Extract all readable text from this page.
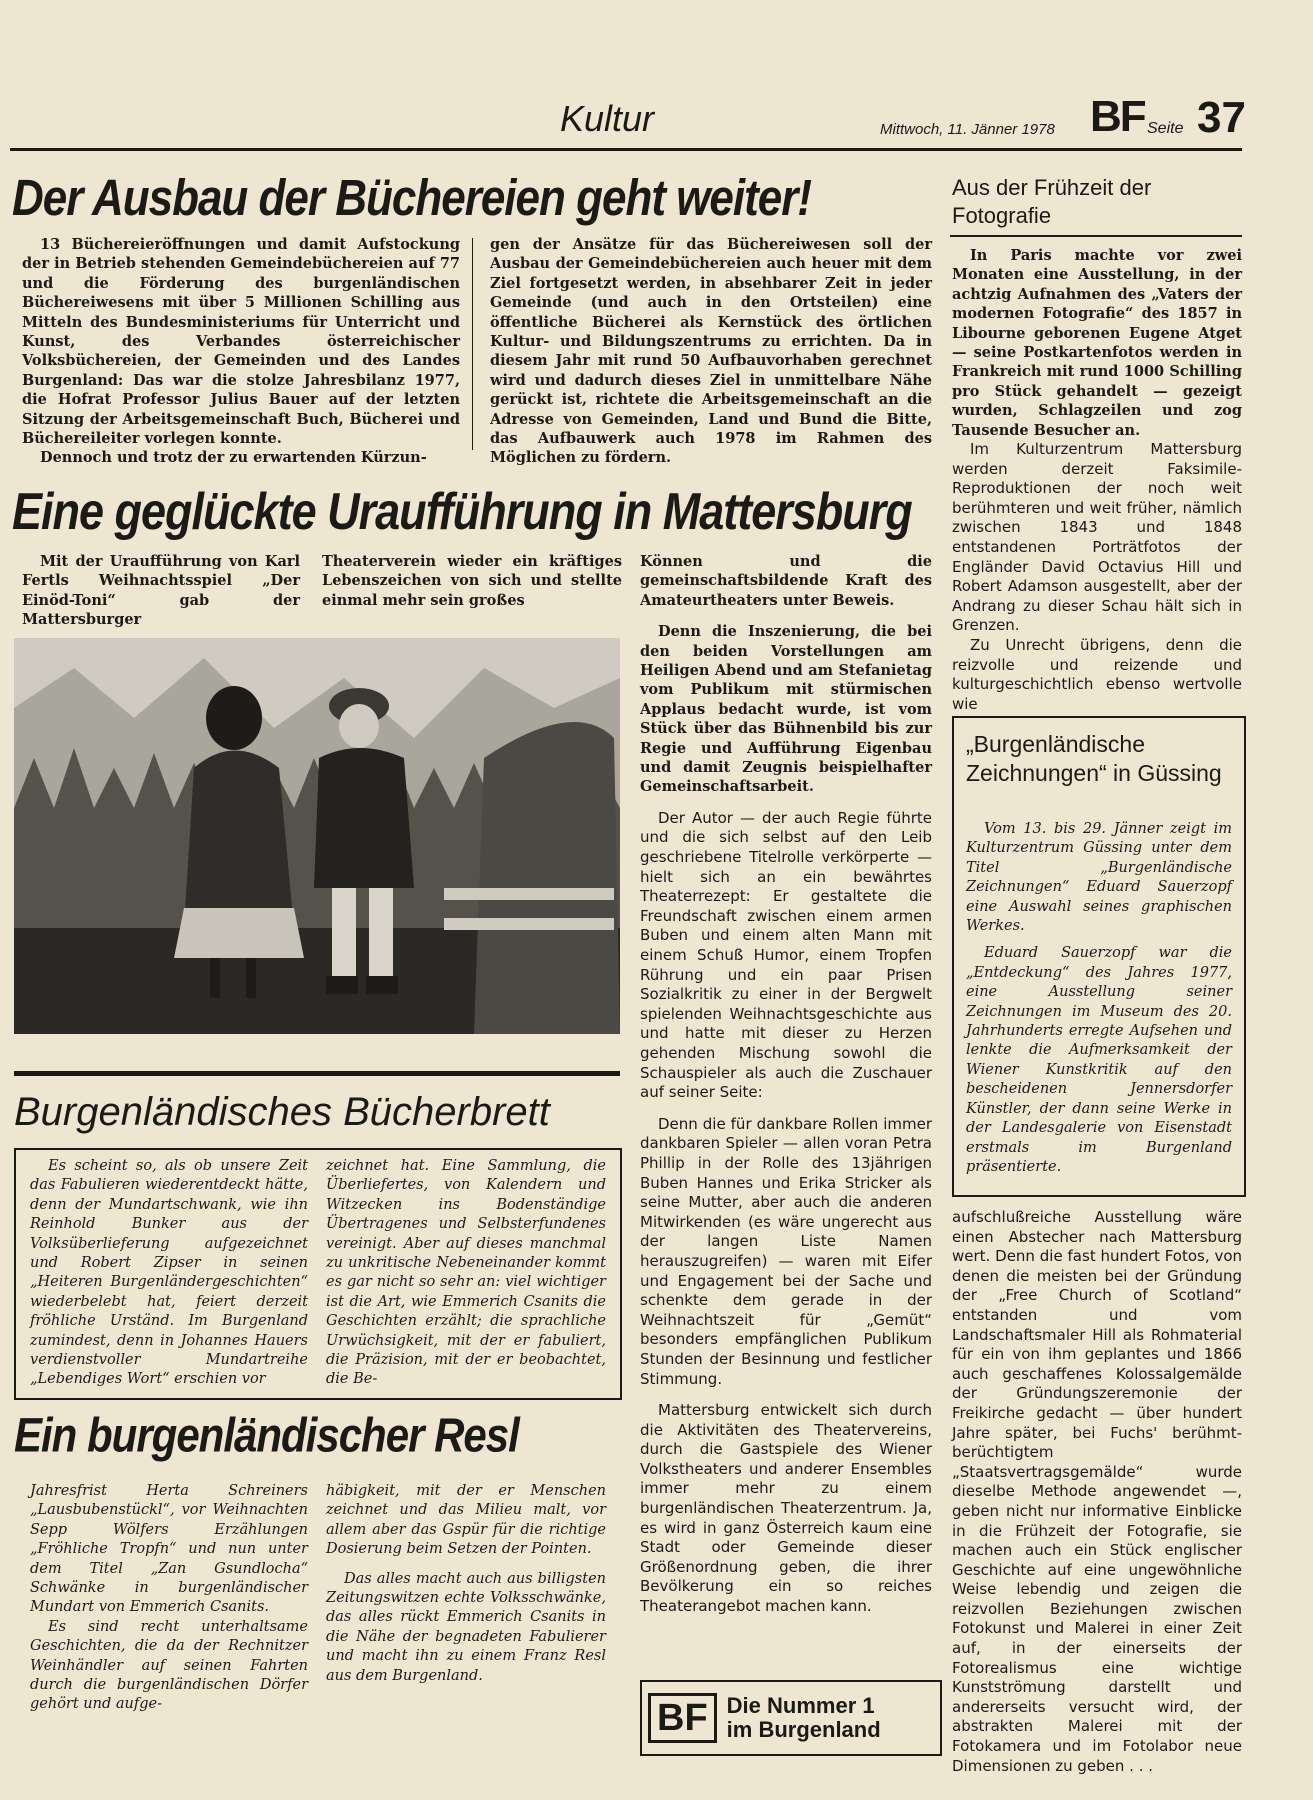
Kultur	Mittwoch, 11. Jänner 1978 BF Seite 37
Der Ausbau der Büchereien geht weiter!

13 Büchereieröffnungen und damit Aufstockung der in Betrieb stehenden Gemeindebüchereien auf 77 und die Förderung des burgenländischen Büchereiwesens mit über 5 Millionen Schilling aus Mitteln des Bundesministeriums für Unterricht und Kunst, des Verbandes österreichischer Volksbüchereien, der Gemeinden und des Landes Burgenland: Das war die stolze Jahresbilanz 1977, die Hofrat Professor Julius Bauer auf der letzten Sitzung der Arbeitsgemeinschaft Buch, Bücherei und Büchereileiter vorlegen konnte.

Dennoch und trotz der zu erwartenden Kürzun-

gen der Ansätze für das Büchereiwesen soll der Ausbau der Gemeindebüchereien auch heuer mit dem Ziel fortgesetzt werden, in absehbarer Zeit in jeder Gemeinde (und auch in den Ortsteilen) eine öffentliche Bücherei als Kernstück des örtlichen Kultur- und Bildungszentrums zu errichten. Da in diesem Jahr mit rund 50 Aufbauvorhaben gerechnet wird und dadurch dieses Ziel in unmittelbare Nähe gerückt ist, richtete die Arbeitsgemeinschaft an die Adresse von Gemeinden, Land und Bund die Bitte, das Aufbauwerk auch 1978 im Rahmen des Möglichen zu fördern.

Eine geglückte Uraufführung in Mattersburg

Mit der Uraufführung von Karl Fertls Weihnachtsspiel „Der Einöd-Toni“ gab der Mattersburger

Theaterverein wieder ein kräftiges Lebenszeichen von sich und stellte einmal mehr sein großes

Können und die gemeinschaftsbildende Kraft des Amateurtheaters unter Beweis.

Denn die Inszenierung, die bei den beiden Vorstellungen am Heiligen Abend und am Stefanietag vom Publikum mit stürmischen Applaus bedacht wurde, ist vom Stück über das Bühnenbild bis zur Regie und Aufführung Eigenbau und damit Zeugnis beispielhafter Gemeinschaftsarbeit.

Der Autor — der auch Regie führte und die sich selbst auf den Leib geschriebene Titelrolle verkörperte — hielt sich an ein bewährtes Theaterrezept: Er gestaltete die Freundschaft zwischen einem armen Buben und einem alten Mann mit einem Schuß Humor, einem Tropfen Rührung und ein paar Prisen Sozialkritik zu einer in der Bergwelt spielenden Weihnachtsgeschichte aus und hatte mit dieser zu Herzen gehenden Mischung sowohl die Schauspieler als auch die Zuschauer auf seiner Seite:

Denn die für dankbare Rollen immer dankbaren Spieler — allen voran Petra Phillip in der Rolle des 13jährigen Buben Hannes und Erika Stricker als seine Mutter, aber auch die anderen Mitwirkenden (es wäre ungerecht aus der langen Liste Namen herauszugreifen) — waren mit Eifer und Engagement bei der Sache und schenkte dem gerade in der Weihnachtszeit für „Gemüt“ besonders empfänglichen Publikum Stunden der Besinnung und festlicher Stimmung.

Mattersburg entwickelt sich durch die Aktivitäten des Theatervereins, durch die Gastspiele des Wiener Volkstheaters und anderer Ensembles immer mehr zu einem burgenländischen Theaterzentrum. Ja, es wird in ganz Österreich kaum eine Stadt oder Gemeinde dieser Größenordnung geben, die ihrer Bevölkerung ein so reiches Theaterangebot machen kann.

Burgenländisches Bücherbrett

Es scheint so, als ob unsere Zeit das Fabulieren wiederentdeckt hätte, denn der Mundartschwank, wie ihn Reinhold Bunker aus der Volksüberlieferung aufgezeichnet und Robert Zipser in seinen „Heiteren Burgenländergeschichten“ wiederbelebt hat, feiert derzeit fröhliche Urständ. Im Burgenland zumindest, denn in Johannes Hauers verdienstvoller Mundartreihe „Lebendiges Wort“ erschien vor

zeichnet hat. Eine Sammlung, die Überliefertes, von Kalendern und Witzecken ins Bodenständige Übertragenes und Selbsterfundenes vereinigt. Aber auf dieses manchmal zu unkritische Nebeneinander kommt es gar nicht so sehr an: viel wichtiger ist die Art, wie Emmerich Csanits die Geschichten erzählt; die sprachliche Urwüchsigkeit, mit der er fabuliert, die Präzision, mit der er beobachtet, die Be-

Ein burgenländischer Resl

Jahresfrist Herta Schreiners „Lausbubenstückl“, vor Weihnachten Sepp Wölfers Erzählungen „Fröhliche Tropfn“ und nun unter dem Titel „Zan Gsundlocha“ Schwänke in burgenländischer Mundart von Emmerich Csanits.

Es sind recht unterhaltsame Geschichten, die da der Rechnitzer Weinhändler auf seinen Fahrten durch die burgenländischen Dörfer gehört und aufge-

häbigkeit, mit der er Menschen zeichnet und das Milieu malt, vor allem aber das Gspür für die richtige Dosierung beim Setzen der Pointen.

Das alles macht auch aus billigsten Zeitungswitzen echte Volksschwänke, das alles rückt Emmerich Csanits in die Nähe der begnadeten Fabulierer und macht ihn zu einem Franz Resl aus dem Burgenland.

Aus der Frühzeit der Fotografie

In Paris machte vor zwei Monaten eine Ausstellung, in der achtzig Aufnahmen des „Vaters der modernen Fotografie“ des 1857 in Libourne geborenen Eugene Atget — seine Postkartenfotos werden in Frankreich mit rund 1000 Schilling pro Stück gehandelt — gezeigt wurden, Schlagzeilen und zog Tausende Besucher an.

Im Kulturzentrum Mattersburg werden derzeit Faksimile-Reproduktionen der noch weit berühmteren und weit früher, nämlich zwischen 1843 und 1848 entstandenen Porträtfotos der Engländer David Octavius Hill und Robert Adamson ausgestellt, aber der Andrang zu dieser Schau hält sich in Grenzen.

Zu Unrecht übrigens, denn die reizvolle und reizende und kulturgeschichtlich ebenso wertvolle wie

aufschlußreiche Ausstellung wäre einen Abstecher nach Mattersburg wert. Denn die fast hundert Fotos, von denen die meisten bei der Gründung der „Free Church of Scotland“ entstanden und vom Landschaftsmaler Hill als Rohmaterial für ein von ihm geplantes und 1866 auch geschaffenes Kolossalgemälde der Gründungszeremonie der Freikirche gedacht — über hundert Jahre später, bei Fuchs' berühmt-berüchtigtem „Staatsvertragsgemälde“ wurde dieselbe Methode angewendet —, geben nicht nur informative Einblicke in die Frühzeit der Fotografie, sie machen auch ein Stück englischer Geschichte auf eine ungewöhnliche Weise lebendig und zeigen die reizvollen Beziehungen zwischen Fotokunst und Malerei in einer Zeit auf, in der einerseits der Fotorealismus eine wichtige Kunstströmung darstellt und andererseits versucht wird, der abstrakten Malerei mit der Fotokamera und im Fotolabor neue Dimensionen zu geben . . .

„Burgenländische Zeichnungen“ in Güssing

Vom 13. bis 29. Jänner zeigt im Kulturzentrum Güssing unter dem Titel „Burgenländische Zeichnungen“ Eduard Sauerzopf eine Auswahl seines graphischen Werkes.

Eduard Sauerzopf war die „Entdeckung“ des Jahres 1977, eine Ausstellung seiner Zeichnungen im Museum des 20. Jahrhunderts erregte Aufsehen und lenkte die Aufmerksamkeit der Wiener Kunstkritik auf den bescheidenen Jennersdorfer Künstler, der dann seine Werke in der Landesgalerie von Eisenstadt erstmals im Burgenland präsentierte.

BF Die Nummer 1
im Burgenland
